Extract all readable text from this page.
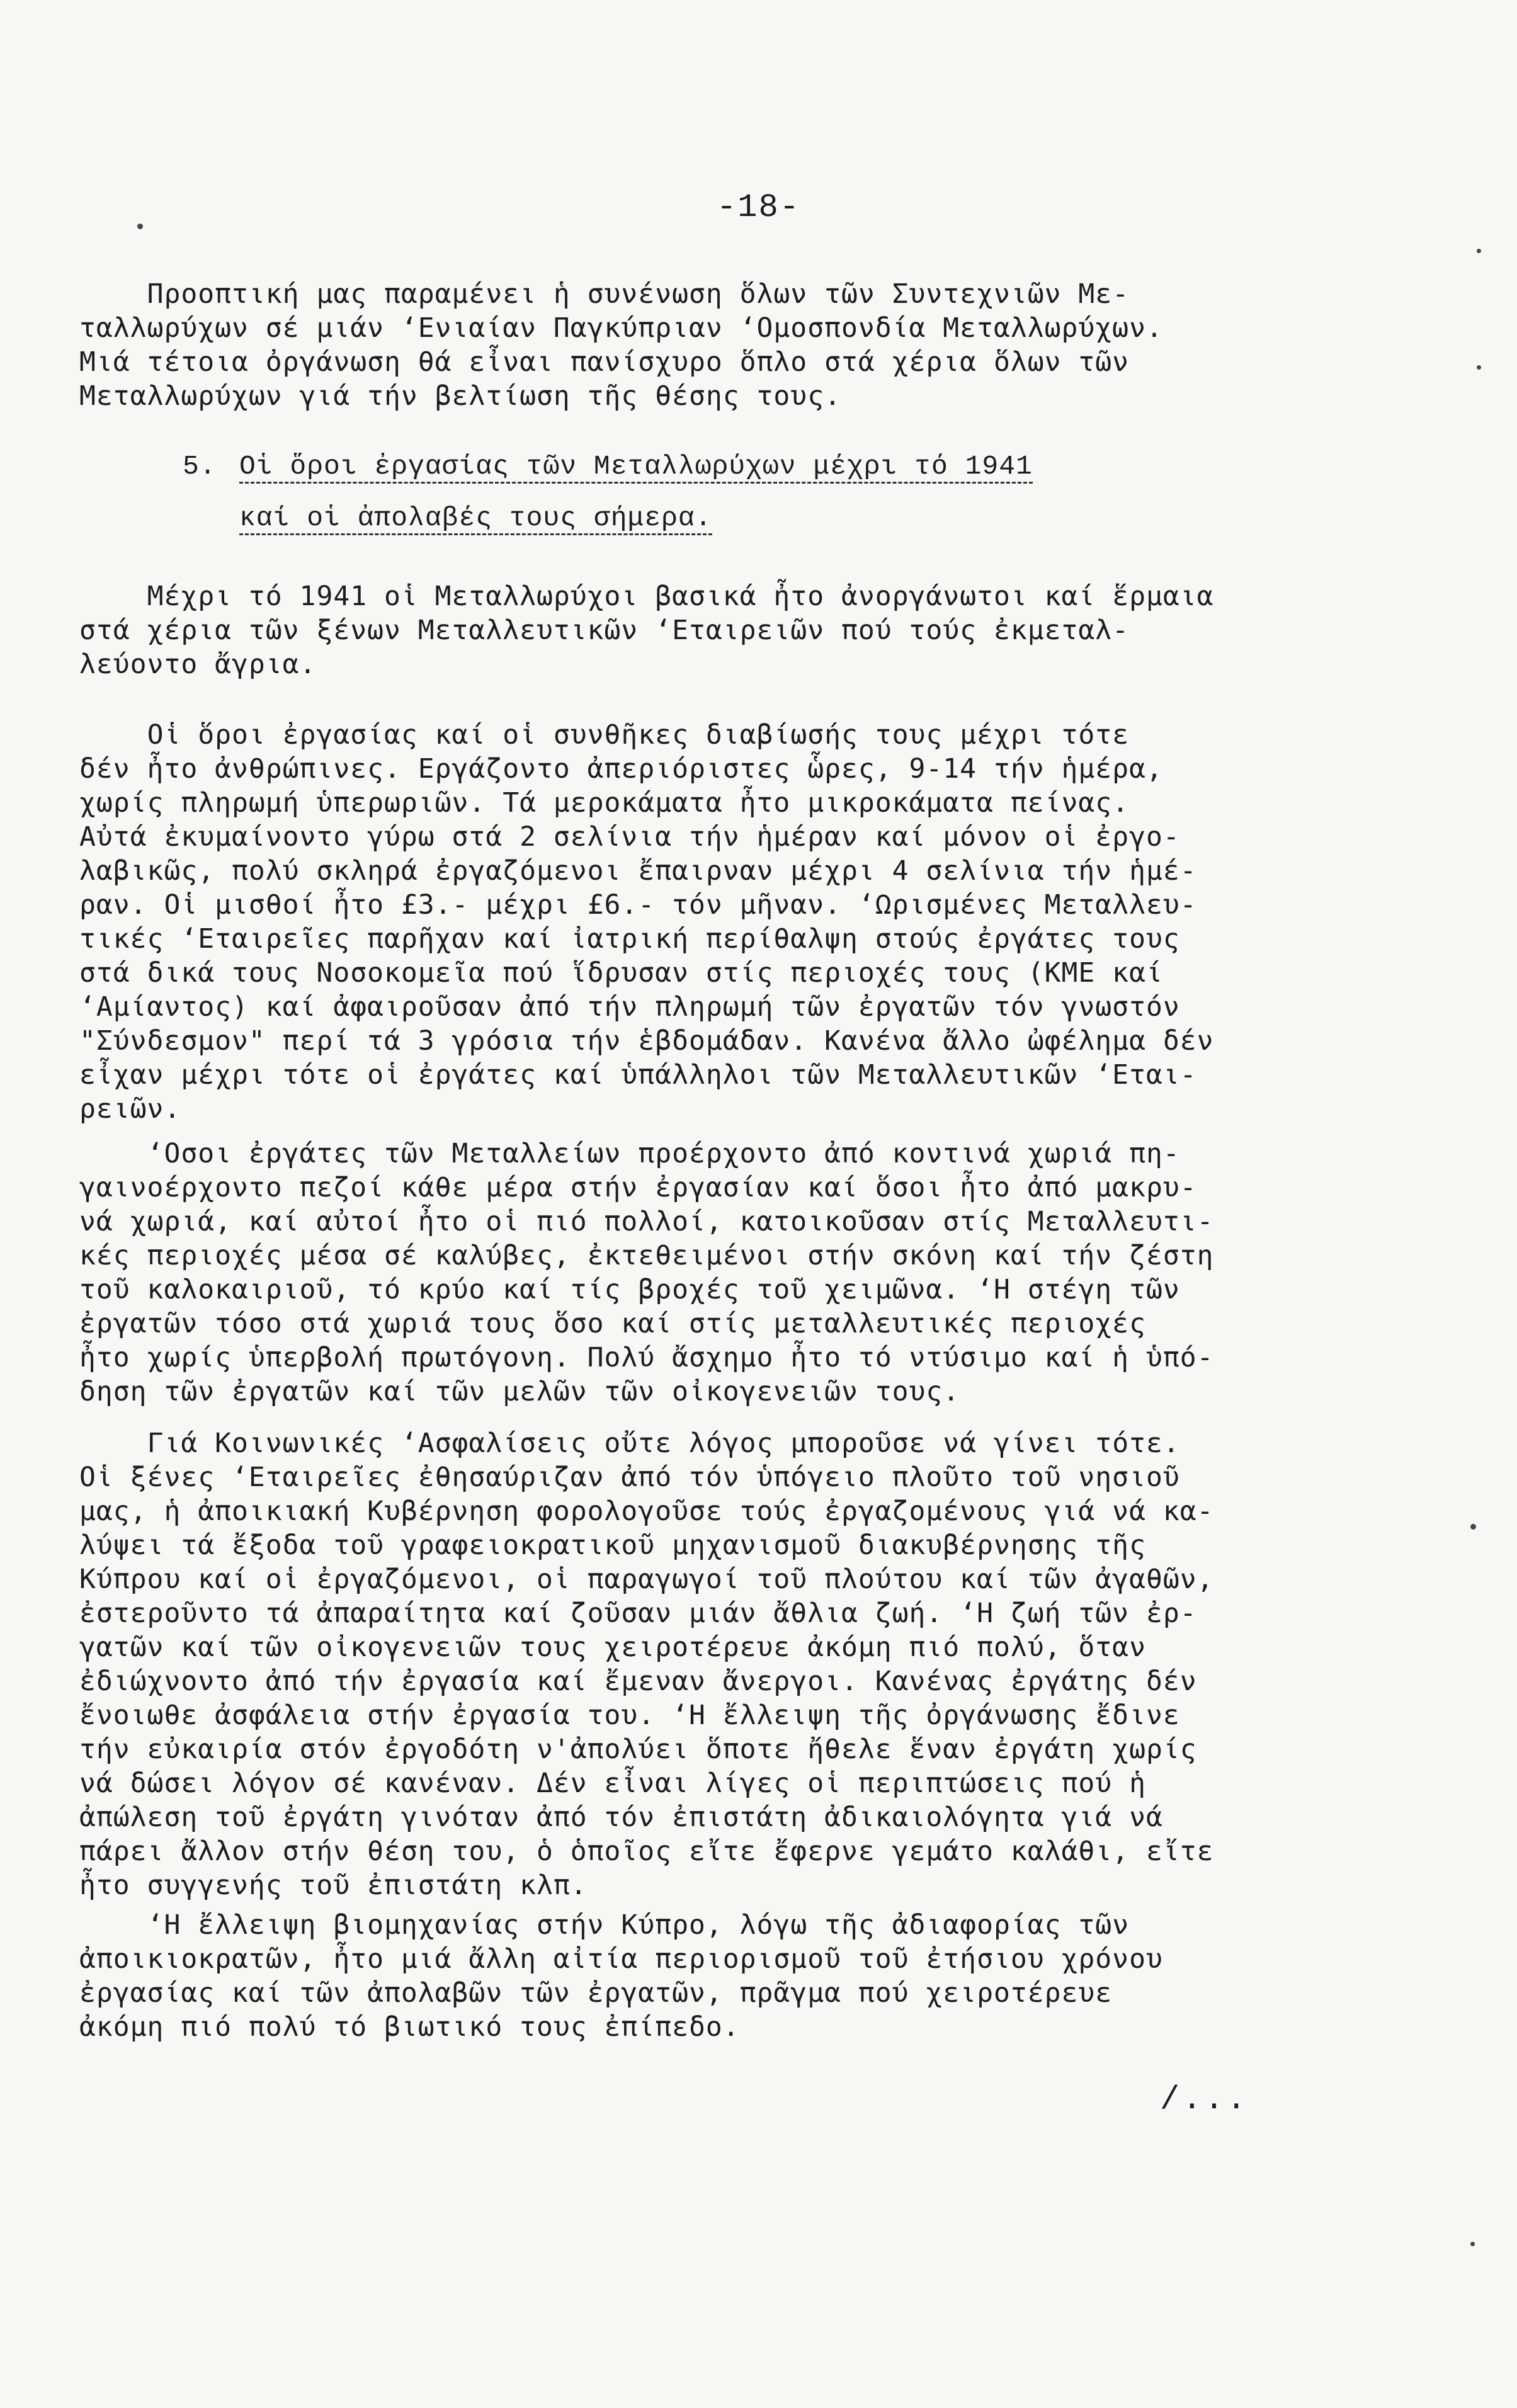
-18-
Προοπτική μας παραμένει ἡ συνένωση ὅλων τῶν Συντεχνιῶν Με-
ταλλωρύχων σέ μιάν ‘Ενιαίαν Παγκύπριαν ‘Ομοσπονδία Μεταλλωρύχων.
Μιά τέτοια ὀργάνωση θά εἶναι πανίσχυρο ὅπλο στά χέρια ὅλων τῶν
Μεταλλωρύχων γιά τήν βελτίωση τῆς θέσης τους.
5. Οἱ ὅροι ἐργασίας τῶν Μεταλλωρύχων μέχρι τό 1941
καί οἱ ἀπολαβές τους σήμερα.
Μέχρι τό 1941 οἱ Μεταλλωρύχοι βασικά ἦτο ἀνοργάνωτοι καί ἕρμαια
στά χέρια τῶν ξένων Μεταλλευτικῶν ‘Εταιρειῶν πού τούς ἐκμεταλ-
λεύοντο ἄγρια.
Οἱ ὅροι ἐργασίας καί οἱ συνθῆκες διαβίωσής τους μέχρι τότε
δέν ἦτο ἀνθρώπινες. Εργάζοντο ἀπεριόριστες ὧρες, 9-14 τήν ἡμέρα,
χωρίς πληρωμή ὑπερωριῶν. Τά μεροκάματα ἦτο μικροκάματα πείνας.
Αὐτά ἐκυμαίνοντο γύρω στά 2 σελίνια τήν ἡμέραν καί μόνον οἱ ἐργο-
λαβικῶς, πολύ σκληρά ἐργαζόμενοι ἔπαιρναν μέχρι 4 σελίνια τήν ἡμέ-
ραν. Οἱ μισθοί ἦτο £3.- μέχρι £6.- τόν μῆναν. ‘Ωρισμένες Μεταλλευ-
τικές ‘Εταιρεῖες παρῆχαν καί ἰατρική περίθαλψη στούς ἐργάτες τους
στά δικά τους Νοσοκομεῖα πού ἵδρυσαν στίς περιοχές τους (ΚΜΕ καί
‘Αμίαντος) καί ἀφαιροῦσαν ἀπό τήν πληρωμή τῶν ἐργατῶν τόν γνωστόν
"Σύνδεσμον" περί τά 3 γρόσια τήν ἑβδομάδαν. Κανένα ἄλλο ὠφέλημα δέν
εἶχαν μέχρι τότε οἱ ἐργάτες καί ὑπάλληλοι τῶν Μεταλλευτικῶν ‘Εται-
ρειῶν.
‘Οσοι ἐργάτες τῶν Μεταλλείων προέρχοντο ἀπό κοντινά χωριά πη-
γαινοέρχοντο πεζοί κάθε μέρα στήν ἐργασίαν καί ὅσοι ἦτο ἀπό μακρυ-
νά χωριά, καί αὐτοί ἦτο οἱ πιό πολλοί, κατοικοῦσαν στίς Μεταλλευτι-
κές περιοχές μέσα σέ καλύβες, ἐκτεθειμένοι στήν σκόνη καί τήν ζέστη
τοῦ καλοκαιριοῦ, τό κρύο καί τίς βροχές τοῦ χειμῶνα. ‘Η στέγη τῶν
ἐργατῶν τόσο στά χωριά τους ὅσο καί στίς μεταλλευτικές περιοχές
ἦτο χωρίς ὑπερβολή πρωτόγονη. Πολύ ἄσχημο ἦτο τό ντύσιμο καί ἡ ὑπό-
δηση τῶν ἐργατῶν καί τῶν μελῶν τῶν οἰκογενειῶν τους.
Γιά Κοινωνικές ‘Ασφαλίσεις οὔτε λόγος μποροῦσε νά γίνει τότε.
Οἱ ξένες ‘Εταιρεῖες ἐθησαύριζαν ἀπό τόν ὑπόγειο πλοῦτο τοῦ νησιοῦ
μας, ἡ ἀποικιακή Κυβέρνηση φορολογοῦσε τούς ἐργαζομένους γιά νά κα-
λύψει τά ἔξοδα τοῦ γραφειοκρατικοῦ μηχανισμοῦ διακυβέρνησης τῆς
Κύπρου καί οἱ ἐργαζόμενοι, οἱ παραγωγοί τοῦ πλούτου καί τῶν ἀγαθῶν,
ἐστεροῦντο τά ἀπαραίτητα καί ζοῦσαν μιάν ἄθλια ζωή. ‘Η ζωή τῶν ἐρ-
γατῶν καί τῶν οἰκογενειῶν τους χειροτέρευε ἀκόμη πιό πολύ, ὅταν
ἐδιώχνοντο ἀπό τήν ἐργασία καί ἔμεναν ἄνεργοι. Κανένας ἐργάτης δέν
ἔνοιωθε ἀσφάλεια στήν ἐργασία του. ‘Η ἔλλειψη τῆς ὀργάνωσης ἔδινε
τήν εὐκαιρία στόν ἐργοδότη ν'ἀπολύει ὅποτε ἤθελε ἕναν ἐργάτη χωρίς
νά δώσει λόγον σέ κανέναν. Δέν εἶναι λίγες οἱ περιπτώσεις πού ἡ
ἀπώλεση τοῦ ἐργάτη γινόταν ἀπό τόν ἐπιστάτη ἀδικαιολόγητα γιά νά
πάρει ἄλλον στήν θέση του, ὁ ὁποῖος εἴτε ἔφερνε γεμάτο καλάθι, εἴτε
ἦτο συγγενής τοῦ ἐπιστάτη κλπ.
‘Η ἔλλειψη βιομηχανίας στήν Κύπρο, λόγω τῆς ἀδιαφορίας τῶν
ἀποικιοκρατῶν, ἦτο μιά ἄλλη αἰτία περιορισμοῦ τοῦ ἐτήσιου χρόνου
ἐργασίας καί τῶν ἀπολαβῶν τῶν ἐργατῶν, πρᾶγμα πού χειροτέρευε
ἀκόμη πιό πολύ τό βιωτικό τους ἐπίπεδο.
/...
